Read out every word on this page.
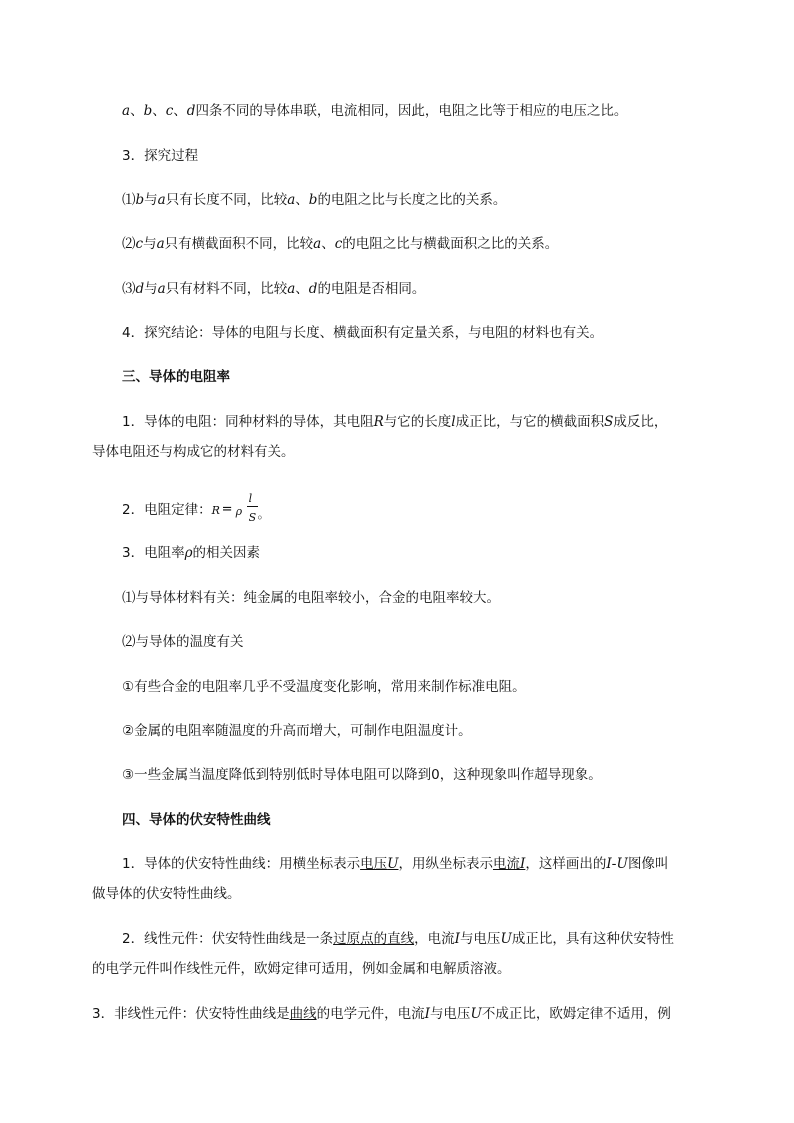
a、b、c、d四条不同的导体串联，电流相同，因此，电阻之比等于相应的电压之比。
3．探究过程
⑴b与a只有长度不同，比较a、b的电阻之比与长度之比的关系。
⑵c与a只有横截面积不同，比较a、c的电阻之比与横截面积之比的关系。
⑶d与a只有材料不同，比较a、d的电阻是否相同。
4．探究结论：导体的电阻与长度、横截面积有定量关系，与电阻的材料也有关。
三、导体的电阻率
1．导体的电阻：同种材料的导体，其电阻R与它的长度l成正比，与它的横截面积S成反比，
导体电阻还与构成它的材料有关。
2．电阻定律： R = ρ
l
S 。
3．电阻率ρ的相关因素
⑴与导体材料有关：纯金属的电阻率较小，合金的电阻率较大。
⑵与导体的温度有关
①有些合金的电阻率几乎不受温度变化影响，常用来制作标准电阻。
②金属的电阻率随温度的升高而增大，可制作电阻温度计。
③一些金属当温度降低到特别低时导体电阻可以降到0，这种现象叫作超导现象。
四、导体的伏安特性曲线
1．导体的伏安特性曲线：用横坐标表示电压U，用纵坐标表示电流I，这样画出的I-U图像叫
做导体的伏安特性曲线。
2．线性元件：伏安特性曲线是一条过原点的直线，电流I与电压U成正比，具有这种伏安特性
的电学元件叫作线性元件，欧姆定律可适用，例如金属和电解质溶液。
3．非线性元件：伏安特性曲线是曲线的电学元件，电流I与电压U不成正比，欧姆定律不适用，例
